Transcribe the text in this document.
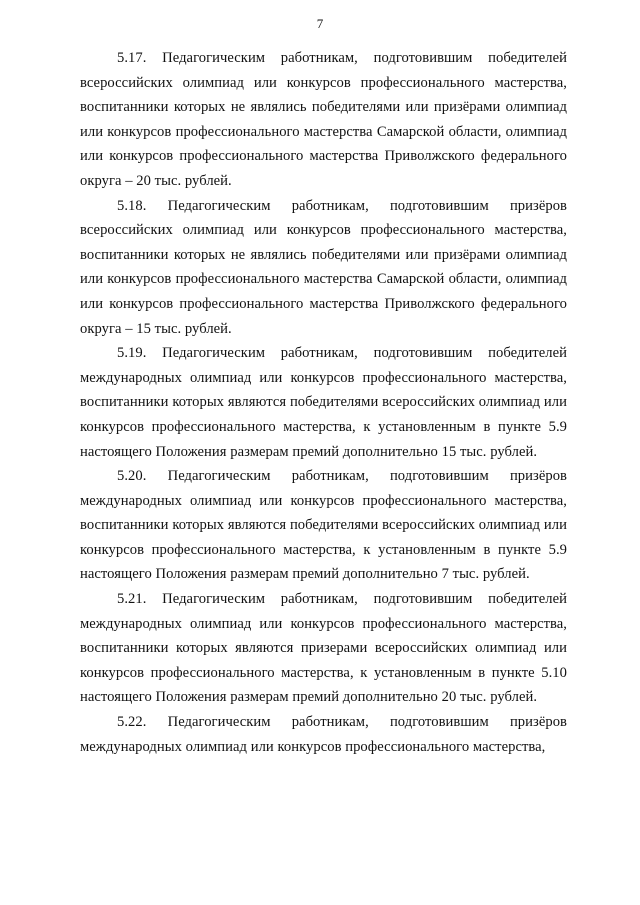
7

5.17. Педагогическим работникам, подготовившим победителей всероссийских олимпиад или конкурсов профессионального мастерства, воспитанники которых не являлись победителями или призёрами олимпиад или конкурсов профессионального мастерства Самарской области, олимпиад или конкурсов профессионального мастерства Приволжского федерального округа – 20 тыс. рублей.

5.18. Педагогическим работникам, подготовившим призёров всероссийских олимпиад или конкурсов профессионального мастерства, воспитанники которых не являлись победителями или призёрами олимпиад или конкурсов профессионального мастерства Самарской области, олимпиад или конкурсов профессионального мастерства Приволжского федерального округа – 15 тыс. рублей.

5.19. Педагогическим работникам, подготовившим победителей международных олимпиад или конкурсов профессионального мастерства, воспитанники которых являются победителями всероссийских олимпиад или конкурсов профессионального мастерства, к установленным в пункте 5.9 настоящего Положения размерам премий дополнительно 15 тыс. рублей.

5.20. Педагогическим работникам, подготовившим призёров международных олимпиад или конкурсов профессионального мастерства, воспитанники которых являются победителями всероссийских олимпиад или конкурсов профессионального мастерства, к установленным в пункте 5.9 настоящего Положения размерам премий дополнительно 7 тыс. рублей.

5.21. Педагогическим работникам, подготовившим победителей международных олимпиад или конкурсов профессионального мастерства, воспитанники которых являются призерами всероссийских олимпиад или конкурсов профессионального мастерства, к установленным в пункте 5.10 настоящего Положения размерам премий дополнительно 20 тыс. рублей.

5.22. Педагогическим работникам, подготовившим призёров международных олимпиад или конкурсов профессионального мастерства,
